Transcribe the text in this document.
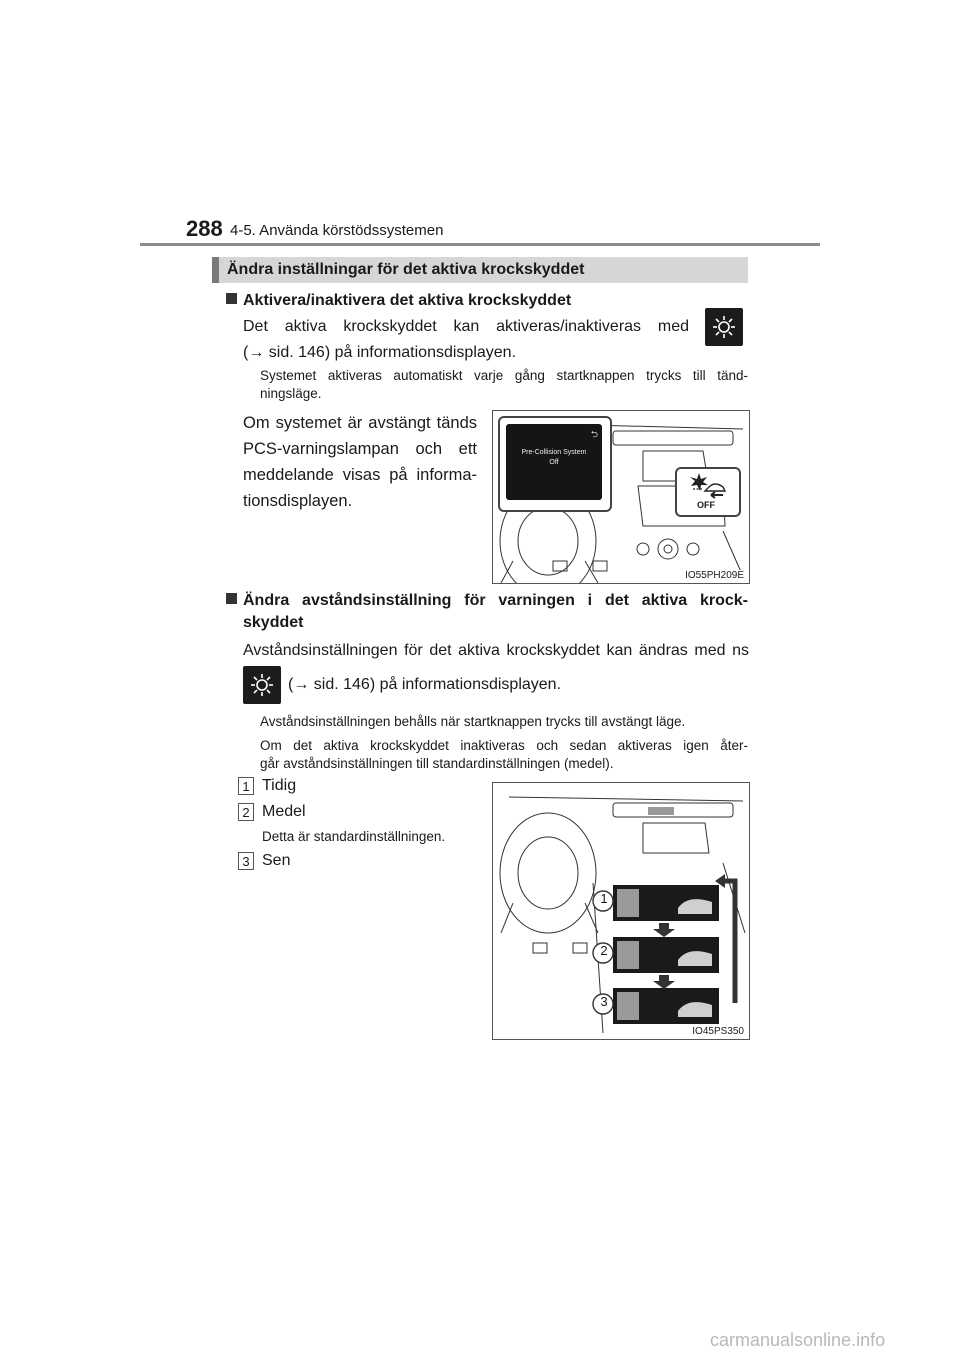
288 4-5. Använda körstödssystemen
Ändra inställningar för det aktiva krockskyddet
Aktivera/inaktivera det aktiva krockskyddet
Det aktiva krockskyddet kan aktiveras/inaktiveras med
(→ sid. 146) på informationsdisplayen.
Systemet aktiveras automatiskt varje gång startknappen trycks till tänd-
ningsläge.
Om systemet är avstängt tänds
PCS-varningslampan och ett
meddelande visas på informa-
tionsdisplayen.
⮌
Pre-Collision System
Off
OFF
IO55PH209E
Ändra avståndsinställning för varningen i det aktiva krock-
skyddet
Avståndsinställningen för det aktiva krockskyddet kan ändras med ns
(→ sid. 146) på informationsdisplayen.
Avståndsinställningen behålls när startknappen trycks till avstängt läge.
Om det aktiva krockskyddet inaktiveras och sedan aktiveras igen åter-
går avståndsinställningen till standardinställningen (medel).
1 Tidig
2 Medel
Detta är standardinställningen.
3 Sen
1
2
3
IO45PS350
carmanualsonline.info
